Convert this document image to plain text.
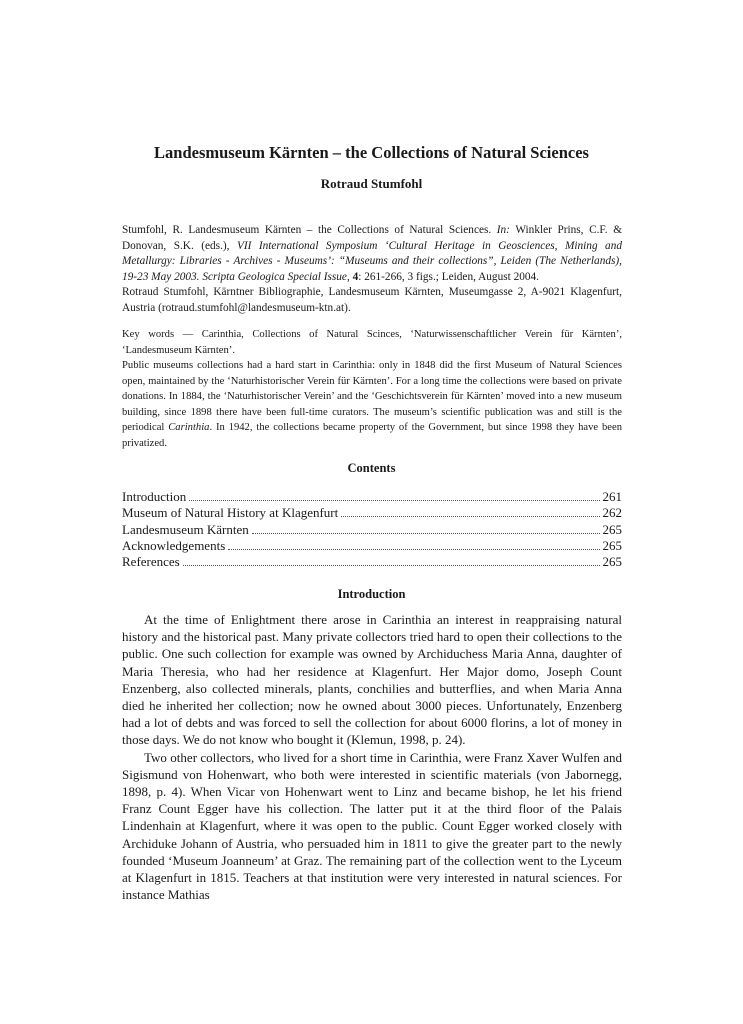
Landesmuseum Kärnten – the Collections of Natural Sciences
Rotraud Stumfohl

Stumfohl, R. Landesmuseum Kärnten – the Collections of Natural Sciences. In: Winkler Prins, C.F. & Donovan, S.K. (eds.), VII International Symposium ‘Cultural Heritage in Geosciences, Mining and Metallurgy: Libraries - Archives - Museums’: “Museums and their collections”, Leiden (The Netherlands), 19-23 May 2003. Scripta Geologica Special Issue, 4: 261-266, 3 figs.; Leiden, August 2004.

Rotraud Stumfohl, Kärntner Bibliographie, Landesmuseum Kärnten, Museumgasse 2, A-9021 Klagenfurt, Austria (rotraud.stumfohl@landesmuseum-ktn.at).

Key words — Carinthia, Collections of Natural Scinces, ‘Naturwissenschaftlicher Verein für Kärnten’, ‘Landesmuseum Kärnten’.

Public museums collections had a hard start in Carinthia: only in 1848 did the first Museum of Natural Sciences open, maintained by the ‘Naturhistorischer Verein für Kärnten’. For a long time the collections were based on private donations. In 1884, the ‘Naturhistorischer Verein’ and the ‘Geschichtsverein für Kärnten’ moved into a new museum building, since 1898 there have been full-time curators. The museum’s scientific publication was and still is the periodical Carinthia. In 1942, the collections became property of the Government, but since 1998 they have been privatized.

Contents
Introduction	261
Museum of Natural History at Klagenfurt	262
Landesmuseum Kärnten	265
Acknowledgements	265
References	265
Introduction

At the time of Enlightment there arose in Carinthia an interest in reappraising natural history and the historical past. Many private collectors tried hard to open their collections to the public. One such collection for example was owned by Archiduchess Maria Anna, daughter of Maria Theresia, who had her residence at Klagenfurt. Her Major domo, Joseph Count Enzenberg, also collected minerals, plants, conchilies and butterflies, and when Maria Anna died he inherited her collection; now he owned about 3000 pieces. Unfortunately, Enzenberg had a lot of debts and was forced to sell the collection for about 6000 florins, a lot of money in those days. We do not know who bought it (Klemun, 1998, p. 24).

Two other collectors, who lived for a short time in Carinthia, were Franz Xaver Wulfen and Sigismund von Hohenwart, who both were interested in scientific materials (von Jabornegg, 1898, p. 4). When Vicar von Hohenwart went to Linz and became bishop, he let his friend Franz Count Egger have his collection. The latter put it at the third floor of the Palais Lindenhain at Klagenfurt, where it was open to the public. Count Egger worked closely with Archiduke Johann of Austria, who persuaded him in 1811 to give the greater part to the newly founded ‘Museum Joanneum’ at Graz. The remaining part of the collection went to the Lyceum at Klagenfurt in 1815. Teachers at that institution were very interested in natural sciences. For instance Mathias
